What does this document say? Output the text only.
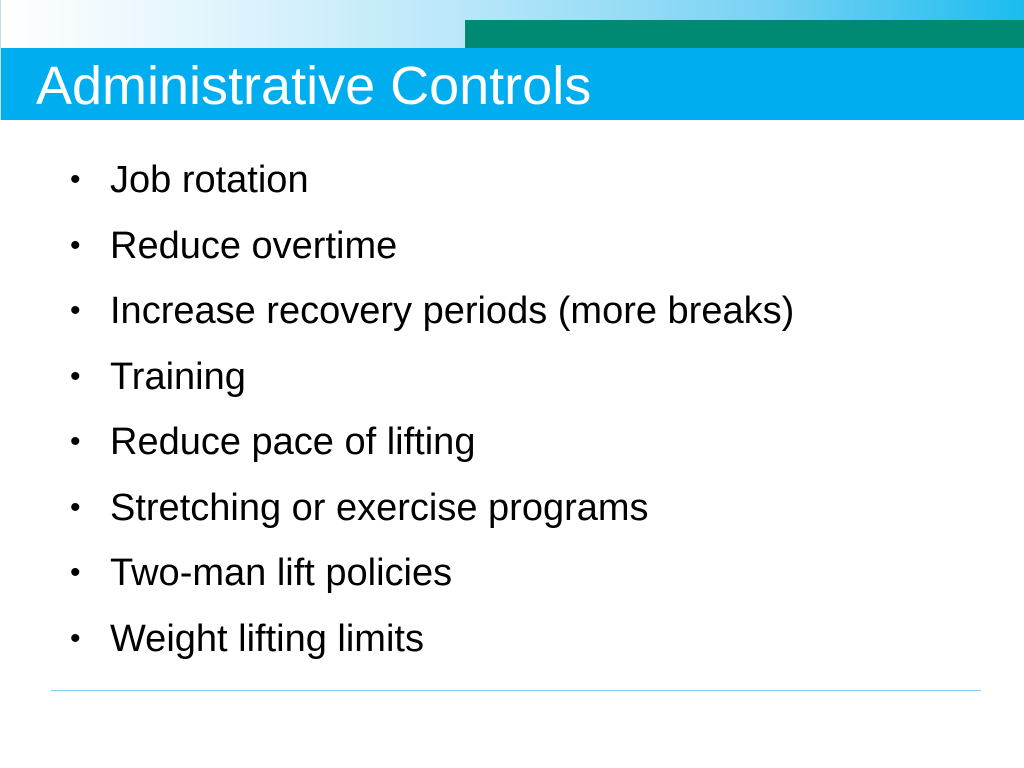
Administrative Controls
• Job rotation
• Reduce overtime
• Increase recovery periods (more breaks)
• Training
• Reduce pace of lifting
• Stretching or exercise programs
• Two-man lift policies
• Weight lifting limits
